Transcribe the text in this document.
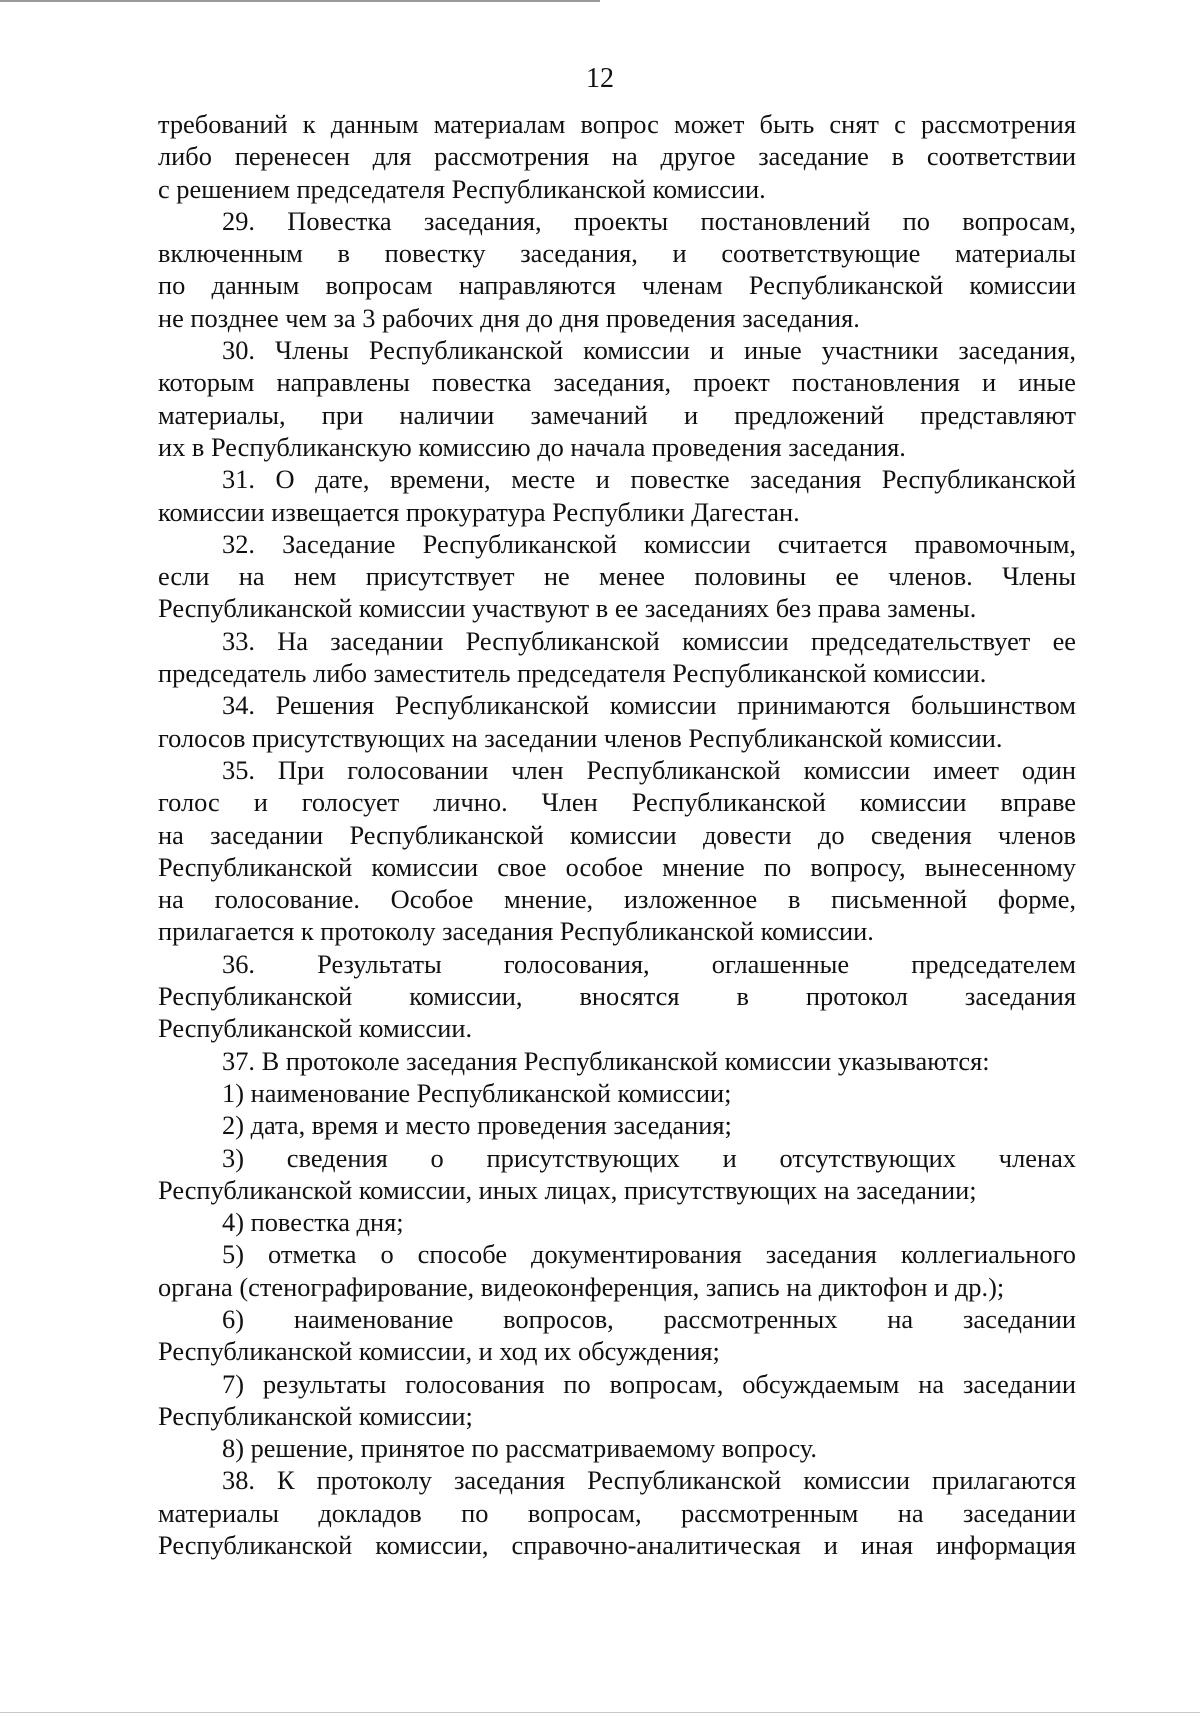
12
требований к данным материалам вопрос может быть снят с рассмотрения
либо перенесен для рассмотрения на другое заседание в соответствии
с решением председателя Республиканской комиссии.
29. Повестка заседания, проекты постановлений по вопросам,
включенным в повестку заседания, и соответствующие материалы
по данным вопросам направляются членам Республиканской комиссии
не позднее чем за 3 рабочих дня до дня проведения заседания.
30. Члены Республиканской комиссии и иные участники заседания,
которым направлены повестка заседания, проект постановления и иные
материалы, при наличии замечаний и предложений представляют
их в Республиканскую комиссию до начала проведения заседания.
31. О дате, времени, месте и повестке заседания Республиканской
комиссии извещается прокуратура Республики Дагестан.
32. Заседание Республиканской комиссии считается правомочным,
если на нем присутствует не менее половины ее членов. Члены
Республиканской комиссии участвуют в ее заседаниях без права замены.
33. На заседании Республиканской комиссии председательствует ее
председатель либо заместитель председателя Республиканской комиссии.
34. Решения Республиканской комиссии принимаются большинством
голосов присутствующих на заседании членов Республиканской комиссии.
35. При голосовании член Республиканской комиссии имеет один
голос и голосует лично. Член Республиканской комиссии вправе
на заседании Республиканской комиссии довести до сведения членов
Республиканской комиссии свое особое мнение по вопросу, вынесенному
на голосование. Особое мнение, изложенное в письменной форме,
прилагается к протоколу заседания Республиканской комиссии.
36. Результаты голосования, оглашенные председателем
Республиканской комиссии, вносятся в протокол заседания
Республиканской комиссии.
37. В протоколе заседания Республиканской комиссии указываются:
1) наименование Республиканской комиссии;
2) дата, время и место проведения заседания;
3) сведения о присутствующих и отсутствующих членах
Республиканской комиссии, иных лицах, присутствующих на заседании;
4) повестка дня;
5) отметка о способе документирования заседания коллегиального
органа (стенографирование, видеоконференция, запись на диктофон и др.);
6) наименование вопросов, рассмотренных на заседании
Республиканской комиссии, и ход их обсуждения;
7) результаты голосования по вопросам, обсуждаемым на заседании
Республиканской комиссии;
8) решение, принятое по рассматриваемому вопросу.
38. К протоколу заседания Республиканской комиссии прилагаются
материалы докладов по вопросам, рассмотренным на заседании
Республиканской комиссии, справочно-аналитическая и иная информация
